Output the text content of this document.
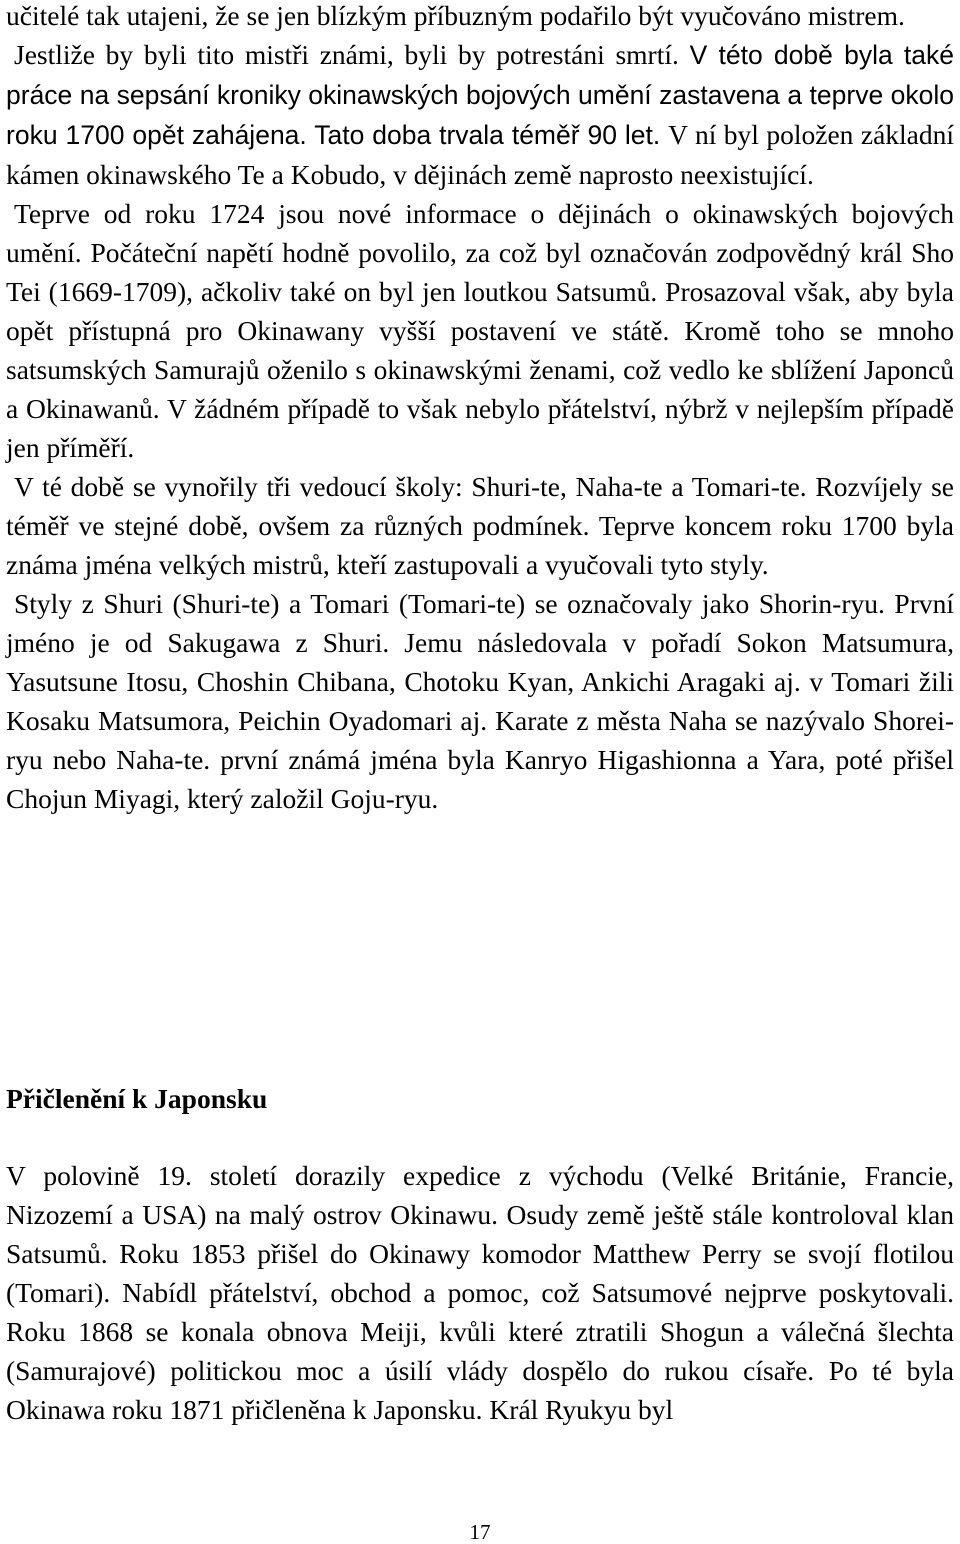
učitelé tak utajeni, že se jen blízkým příbuzným podařilo být vyučováno mistrem.

Jestliže by byli tito mistři známi, byli by potrestáni smrtí. V této době byla také práce na sepsání kroniky okinawských bojových umění zastavena a teprve okolo roku 1700 opět zahájena. Tato doba trvala téměř 90 let. V ní byl položen základní kámen okinawského Te a Kobudo, v dějinách země naprosto neexistující.

Teprve od roku 1724 jsou nové informace o dějinách o okinawských bojových umění. Počáteční napětí hodně povolilo, za což byl označován zodpovědný král Sho Tei (1669-1709), ačkoliv také on byl jen loutkou Satsumů. Prosazoval však, aby byla opět přístupná pro Okinawany vyšší postavení ve státě. Kromě toho se mnoho satsumských Samurajů oženilo s okinawskými ženami, což vedlo ke sblížení Japonců a Okinawanů. V žádném případě to však nebylo přátelství, nýbrž v nejlepším případě jen příměří.

V té době se vynořily tři vedoucí školy: Shuri-te, Naha-te a Tomari-te. Rozvíjely se téměř ve stejné době, ovšem za různých podmínek. Teprve koncem roku 1700 byla známa jména velkých mistrů, kteří zastupovali a vyučovali tyto styly.

Styly z Shuri (Shuri-te) a Tomari (Tomari-te) se označovaly jako Shorin-ryu. První jméno je od Sakugawa z Shuri. Jemu následovala v pořadí Sokon Matsumura, Yasutsune Itosu, Choshin Chibana, Chotoku Kyan, Ankichi Aragaki aj. v Tomari žili Kosaku Matsumora, Peichin Oyadomari aj. Karate z města Naha se nazývalo Shorei-ryu nebo Naha-te. první známá jména byla Kanryo Higashionna a Yara, poté přišel Chojun Miyagi, který založil Goju-ryu.

Přičlenění k Japonsku

V polovině 19. století dorazily expedice z východu (Velké Británie, Francie, Nizozemí a USA) na malý ostrov Okinawu. Osudy země ještě stále kontroloval klan Satsumů. Roku 1853 přišel do Okinawy komodor Matthew Perry se svojí flotilou (Tomari). Nabídl přátelství, obchod a pomoc, což Satsumové nejprve poskytovali. Roku 1868 se konala obnova Meiji, kvůli které ztratili Shogun a válečná šlechta (Samurajové) politickou moc a úsilí vlády dospělo do rukou císaře. Po té byla Okinawa roku 1871 přičleněna k Japonsku. Král Ryukyu byl

17
